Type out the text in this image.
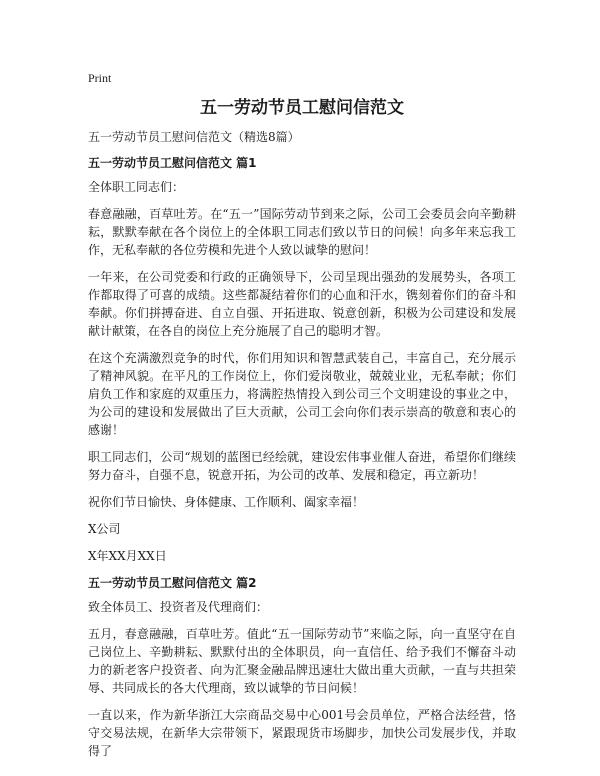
Print
五一劳动节员工慰问信范文
五一劳动节员工慰问信范文（精选8篇）
五一劳动节员工慰问信范文 篇1

全体职工同志们：

春意融融，百草吐芳。在“五一”国际劳动节到来之际，公司工会委员会向辛勤耕耘，默默奉献在各个岗位上的全体职工同志们致以节日的问候！向多年来忘我工作，无私奉献的各位劳模和先进个人致以诚挚的慰问！

一年来，在公司党委和行政的正确领导下，公司呈现出强劲的发展势头，各项工作都取得了可喜的成绩。这些都凝结着你们的心血和汗水，镌刻着你们的奋斗和奉献。你们拼搏奋进、自立自强、开拓进取、锐意创新，积极为公司建设和发展献计献策，在各自的岗位上充分施展了自己的聪明才智。

在这个充满激烈竞争的时代，你们用知识和智慧武装自己，丰富自己，充分展示了精神风貌。在平凡的工作岗位上，你们爱岗敬业，兢兢业业，无私奉献；你们肩负工作和家庭的双重压力，将满腔热情投入到公司三个文明建设的事业之中，为公司的建设和发展做出了巨大贡献，公司工会向你们表示崇高的敬意和衷心的感谢！

职工同志们，公司“规划的蓝图已经绘就，建设宏伟事业催人奋进，希望你们继续努力奋斗，自强不息，锐意开拓，为公司的改革、发展和稳定，再立新功！

祝你们节日愉快、身体健康、工作顺利、阖家幸福！

X公司

X年XX月XX日

五一劳动节员工慰问信范文 篇2

致全体员工、投资者及代理商们：

五月，春意融融，百草吐芳。值此“五一国际劳动节”来临之际，向一直坚守在自己岗位上、辛勤耕耘、默默付出的全体职员，向一直信任、给予我们不懈奋斗动力的新老客户投资者、向为汇聚金融品牌迅速壮大做出重大贡献，一直与共担荣辱、共同成长的各大代理商，致以诚挚的节日问候！

一直以来，作为新华浙江大宗商品交易中心001号会员单位，严格合法经营，恪守交易法规，在新华大宗带领下，紧跟现货市场脚步，加快公司发展步伐，并取得了
